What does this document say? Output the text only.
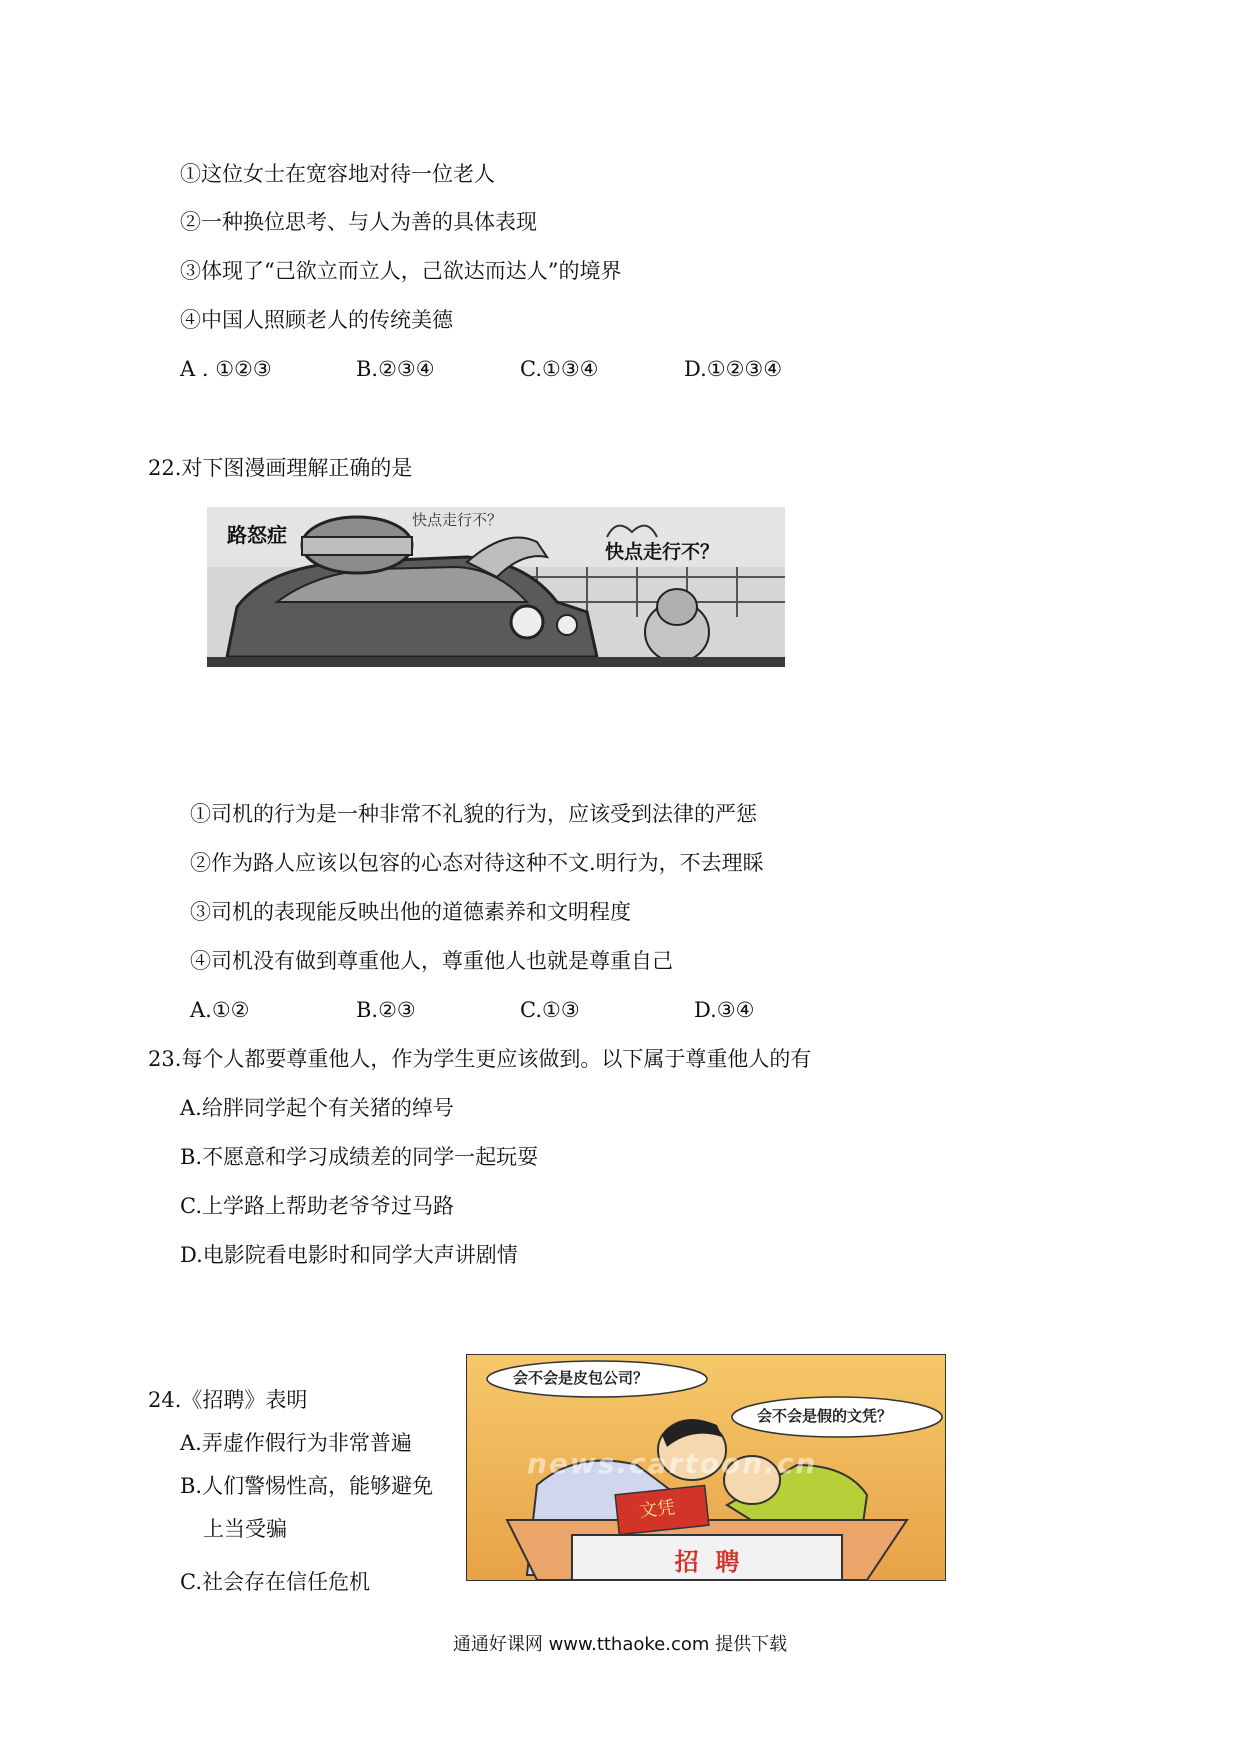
①这位女士在宽容地对待一位老人
②一种换位思考、与人为善的具体表现
③体现了“己欲立而立人，己欲达而达人”的境界
④中国人照顾老人的传统美德
A . ①②③	B.②③④	C.①③④	D.①②③④
22.对下图漫画理解正确的是
路怒症
快点走行不？
快点走行不？
①司机的行为是一种非常不礼貌的行为，应该受到法律的严惩
②作为路人应该以包容的心态对待这种不文.明行为，不去理睬
③司机的表现能反映出他的道德素养和文明程度
④司机没有做到尊重他人，尊重他人也就是尊重自己
A.①②	B.②③	C.①③	D.③④
23.每个人都要尊重他人，作为学生更应该做到。以下属于尊重他人的有
A.给胖同学起个有关猪的绰号
B.不愿意和学习成绩差的同学一起玩耍
C.上学路上帮助老爷爷过马路
D.电影院看电影时和同学大声讲剧情
24.《招聘》表明
A.弄虚作假行为非常普遍
B.人们警惕性高，能够避免
上当受骗
C.社会存在信任危机
会不会是皮包公司？
会不会是假的文凭？
news.cartoon.cn
文凭
招  聘
通通好课网 www.tthaoke.com 提供下载
